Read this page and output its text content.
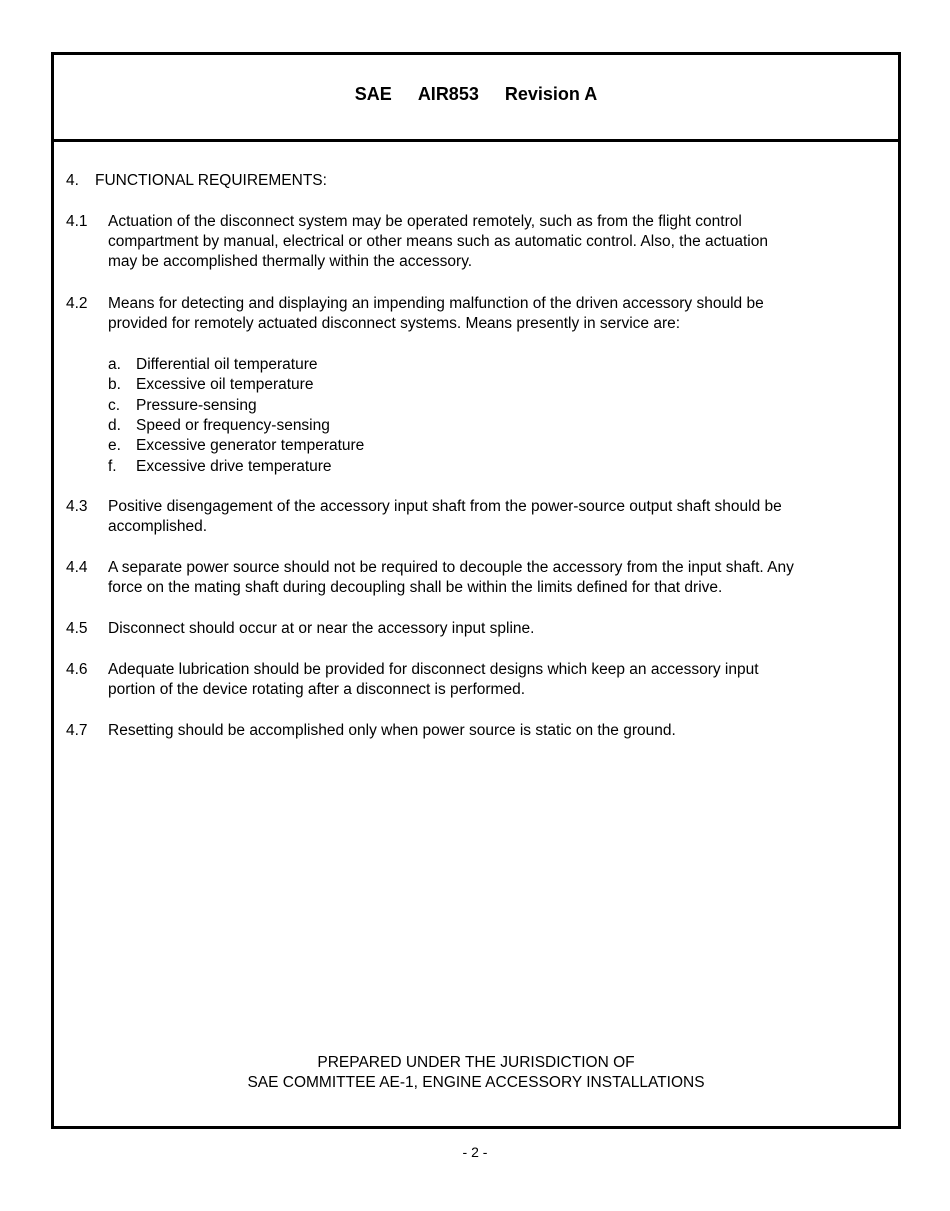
SAE AIR853 Revision A
4. FUNCTIONAL REQUIREMENTS:
4.1 Actuation of the disconnect system may be operated remotely, such as from the flight control
compartment by manual, electrical or other means such as automatic control. Also, the actuation
may be accomplished thermally within the accessory.
4.2 Means for detecting and displaying an impending malfunction of the driven accessory should be
provided for remotely actuated disconnect systems. Means presently in service are:
a. Differential oil temperature
b. Excessive oil temperature
c. Pressure-sensing
d. Speed or frequency-sensing
e. Excessive generator temperature
f. Excessive drive temperature
4.3 Positive disengagement of the accessory input shaft from the power-source output shaft should be
accomplished.
4.4 A separate power source should not be required to decouple the accessory from the input shaft. Any
force on the mating shaft during decoupling shall be within the limits defined for that drive.
4.5 Disconnect should occur at or near the accessory input spline.
4.6 Adequate lubrication should be provided for disconnect designs which keep an accessory input
portion of the device rotating after a disconnect is performed.
4.7 Resetting should be accomplished only when power source is static on the ground.
PREPARED UNDER THE JURISDICTION OF
SAE COMMITTEE AE-1, ENGINE ACCESSORY INSTALLATIONS
- 2 -
